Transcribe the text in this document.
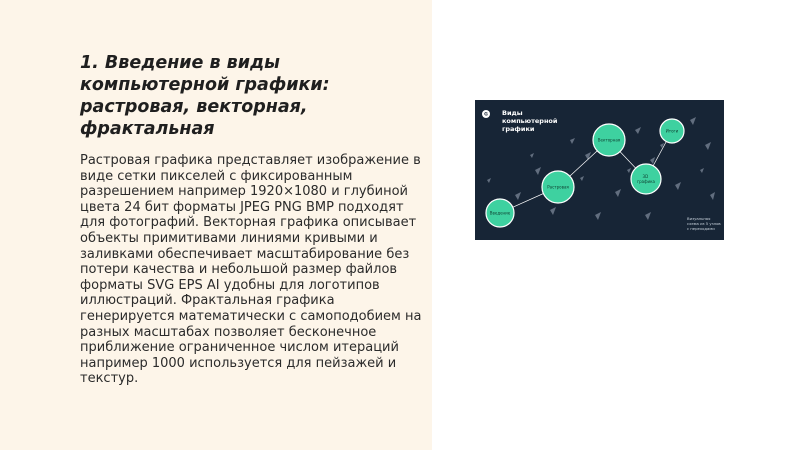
1. Введение в виды компьютерной графики: растровая, векторная, фрактальная

Растровая графика представляет изображение в виде сетки пикселей с фиксированным разрешением например 1920×1080 и глубиной цвета 24 бит форматы JPEG PNG BMP подходят для фотографий. Векторная графика описывает объекты примитивами линиями кривыми и заливками обеспечивает масштабирование без потери качества и небольшой размер файлов форматы SVG EPS AI удобны для логотипов иллюстраций. Фрактальная графика генерируется математически с самоподобием на разных масштабах позволяет бесконечное приближение ограниченное числом итераций например 1000 используется для пейзажей и текстур.

Введение
Растровая
Векторная
3D графика
Итоги
G Виды компьютерной графики
Визуальная схема из 5 узлов с переходами
